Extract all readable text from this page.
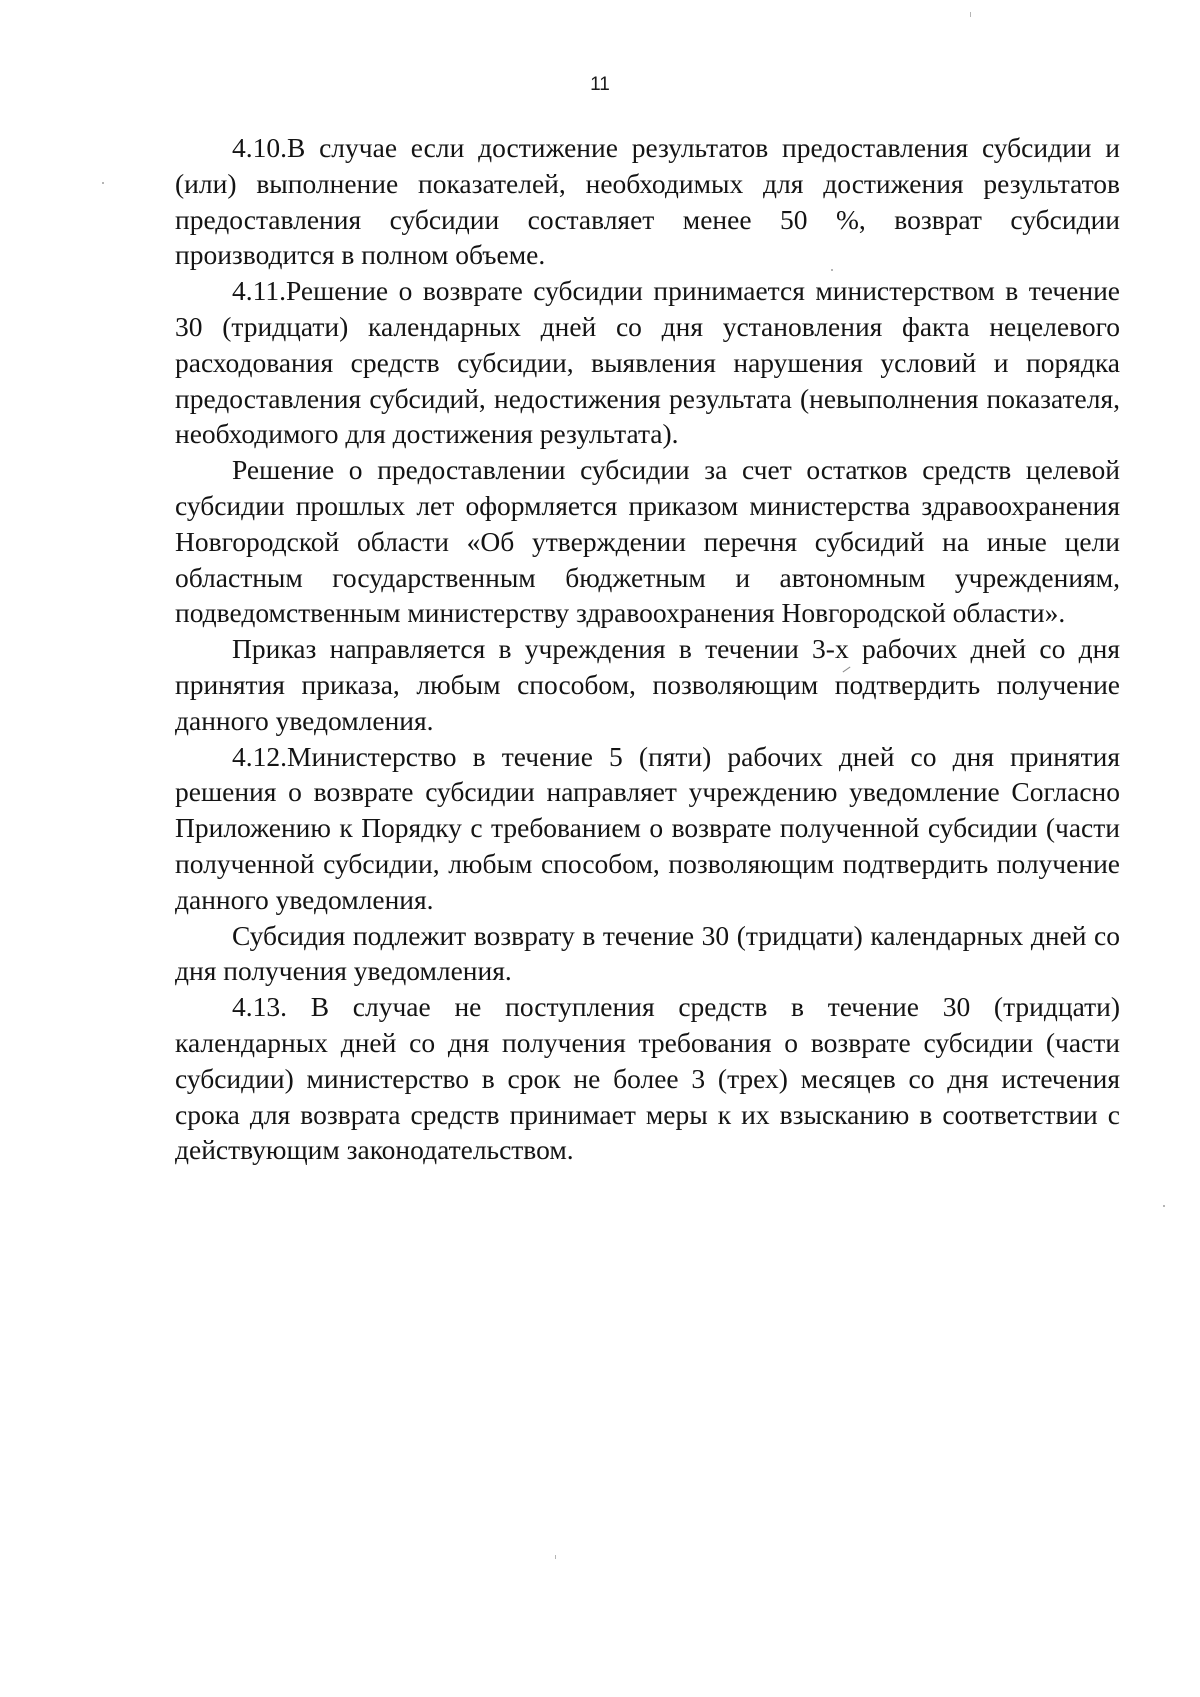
11

4.10.В случае если достижение результатов предоставления субсидии и (или) выполнение показателей, необходимых для достижения результатов предоставления субсидии составляет менее 50 %, возврат субсидии производится в полном объеме.

4.11.Решение о возврате субсидии принимается министерством в течение 30 (тридцати) календарных дней со дня установления факта нецелевого расходования средств субсидии, выявления нарушения условий и порядка предоставления субсидий, недостижения результата (невыполнения показателя, необходимого для достижения результата).

Решение о предоставлении субсидии за счет остатков средств целевой субсидии прошлых лет оформляется приказом министерства здравоохранения Новгородской области «Об утверждении перечня субсидий на иные цели областным государственным бюджетным и автономным учреждениям, подведомственным министерству здравоохранения Новгородской области».

Приказ направляется в учреждения в течении 3-х рабочих дней со дня принятия приказа, любым способом, позволяющим подтвердить получение данного уведомления.

4.12.Министерство в течение 5 (пяти) рабочих дней со дня принятия решения о возврате субсидии направляет учреждению уведомление Согласно Приложению к Порядку с требованием о возврате полученной субсидии (части полученной субсидии, любым способом, позволяющим подтвердить получение данного уведомления.

Субсидия подлежит возврату в течение 30 (тридцати) календарных дней со дня получения уведомления.

4.13. В случае не поступления средств в течение 30 (тридцати) календарных дней со дня получения требования о возврате субсидии (части субсидии) министерство в срок не более 3 (трех) месяцев со дня истечения срока для возврата средств принимает меры к их взысканию в соответствии с действующим законодательством.
